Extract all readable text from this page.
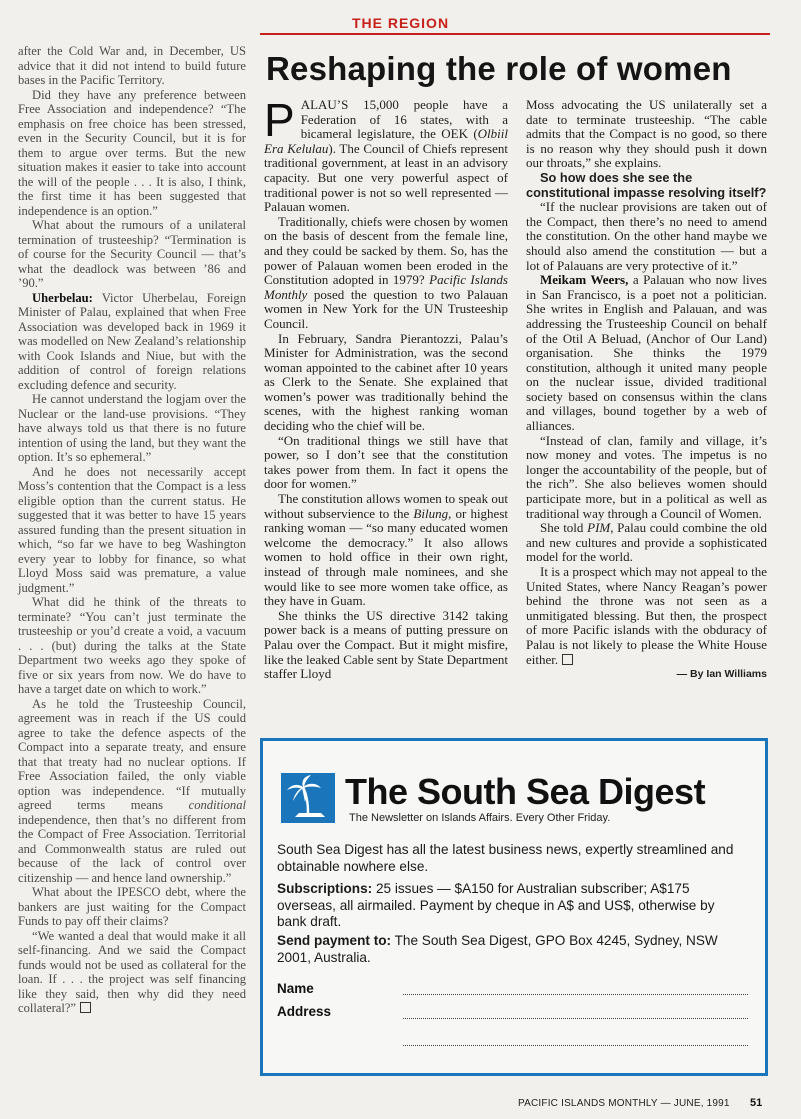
THE REGION

after the Cold War and, in December, US advice that it did not intend to build future bases in the Pacific Territory.

Did they have any preference between Free Association and independence? “The emphasis on free choice has been stressed, even in the Security Council, but it is for them to argue over terms. But the new situation makes it easier to take into account the will of the people . . . It is also, I think, the first time it has been suggested that independence is an option.”

What about the rumours of a unilateral termination of trusteeship? “Termination is of course for the Security Council — that’s what the deadlock was between ’86 and ’90.”

Uherbelau: Victor Uherbelau, Foreign Minister of Palau, explained that when Free Association was developed back in 1969 it was modelled on New Zealand’s relationship with Cook Islands and Niue, but with the addition of control of foreign relations excluding defence and security.

He cannot understand the logjam over the Nuclear or the land-use provisions. “They have always told us that there is no future intention of using the land, but they want the option. It’s so ephemeral.”

And he does not necessarily accept Moss’s contention that the Compact is a less eligible option than the current status. He suggested that it was better to have 15 years assured funding than the present situation in which, “so far we have to beg Washington every year to lobby for finance, so what Lloyd Moss said was premature, a value judgment.”

What did he think of the threats to terminate? “You can’t just terminate the trusteeship or you’d create a void, a vacuum . . . (but) during the talks at the State Department two weeks ago they spoke of five or six years from now. We do have to have a target date on which to work.”

As he told the Trusteeship Council, agreement was in reach if the US could agree to take the defence aspects of the Compact into a separate treaty, and ensure that that treaty had no nuclear options. If Free Association failed, the only viable option was independence. “If mutually agreed terms means conditional independence, then that’s no different from the Compact of Free Association. Territorial and Commonwealth status are ruled out because of the lack of control over citizenship — and hence land ownership.”

What about the IPESCO debt, where the bankers are just waiting for the Compact Funds to pay off their claims?

“We wanted a deal that would make it all self-financing. And we said the Compact funds would not be used as collateral for the loan. If . . . the project was self financing like they said, then why did they need collateral?”

Reshaping the role of women

PALAU’S 15,000 people have a Federation of 16 states, with a bicameral legislature, the OEK (Olbiil Era Kelulau). The Council of Chiefs represent traditional government, at least in an advisory capacity. But one very powerful aspect of traditional power is not so well represented — Palauan women.

Traditionally, chiefs were chosen by women on the basis of descent from the female line, and they could be sacked by them. So, has the power of Palauan women been eroded in the Constitution adopted in 1979? Pacific Islands Monthly posed the question to two Palauan women in New York for the UN Trusteeship Council.

In February, Sandra Pierantozzi, Palau’s Minister for Administration, was the second woman appointed to the cabinet after 10 years as Clerk to the Senate. She explained that women’s power was traditionally behind the scenes, with the highest ranking woman deciding who the chief will be.

“On traditional things we still have that power, so I don’t see that the constitution takes power from them. In fact it opens the door for women.”

The constitution allows women to speak out without subservience to the Bilung, or highest ranking woman — “so many educated women welcome the democracy.” It also allows women to hold office in their own right, instead of through male nominees, and she would like to see more women take office, as they have in Guam.

She thinks the US directive 3142 taking power back is a means of putting pressure on Palau over the Compact. But it might misfire, like the leaked Cable sent by State Department staffer Lloyd

Moss advocating the US unilaterally set a date to terminate trusteeship. “The cable admits that the Compact is no good, so there is no reason why they should push it down our throats,” she explains.

So how does she see the constitutional impasse resolving itself?

“If the nuclear provisions are taken out of the Compact, then there’s no need to amend the constitution. On the other hand maybe we should also amend the constitution — but a lot of Palauans are very protective of it.”

Meikam Weers, a Palauan who now lives in San Francisco, is a poet not a politician. She writes in English and Palauan, and was addressing the Trusteeship Council on behalf of the Otil A Beluad, (Anchor of Our Land) organisation. She thinks the 1979 constitution, although it united many people on the nuclear issue, divided traditional society based on consensus within the clans and villages, bound together by a web of alliances.

“Instead of clan, family and village, it’s now money and votes. The impetus is no longer the accountability of the people, but of the rich”. She also believes women should participate more, but in a political as well as traditional way through a Council of Women.

She told PIM, Palau could combine the old and new cultures and provide a sophisticated model for the world.

It is a prospect which may not appeal to the United States, where Nancy Reagan’s power behind the throne was not seen as a unmitigated blessing. But then, the prospect of more Pacific islands with the obduracy of Palau is not likely to please the White House either.

— By Ian Williams

The South Sea Digest
The Newsletter on Islands Affairs. Every Other Friday.

South Sea Digest has all the latest business news, expertly streamlined and obtainable nowhere else.

Subscriptions: 25 issues — $A150 for Australian subscriber; A$175 overseas, all airmailed. Payment by cheque in A$ and US$, otherwise by bank draft.

Send payment to: The South Sea Digest, GPO Box 4245, Sydney, NSW 2001, Australia.

Name
Address
PACIFIC ISLANDS MONTHLY — JUNE, 1991 51
